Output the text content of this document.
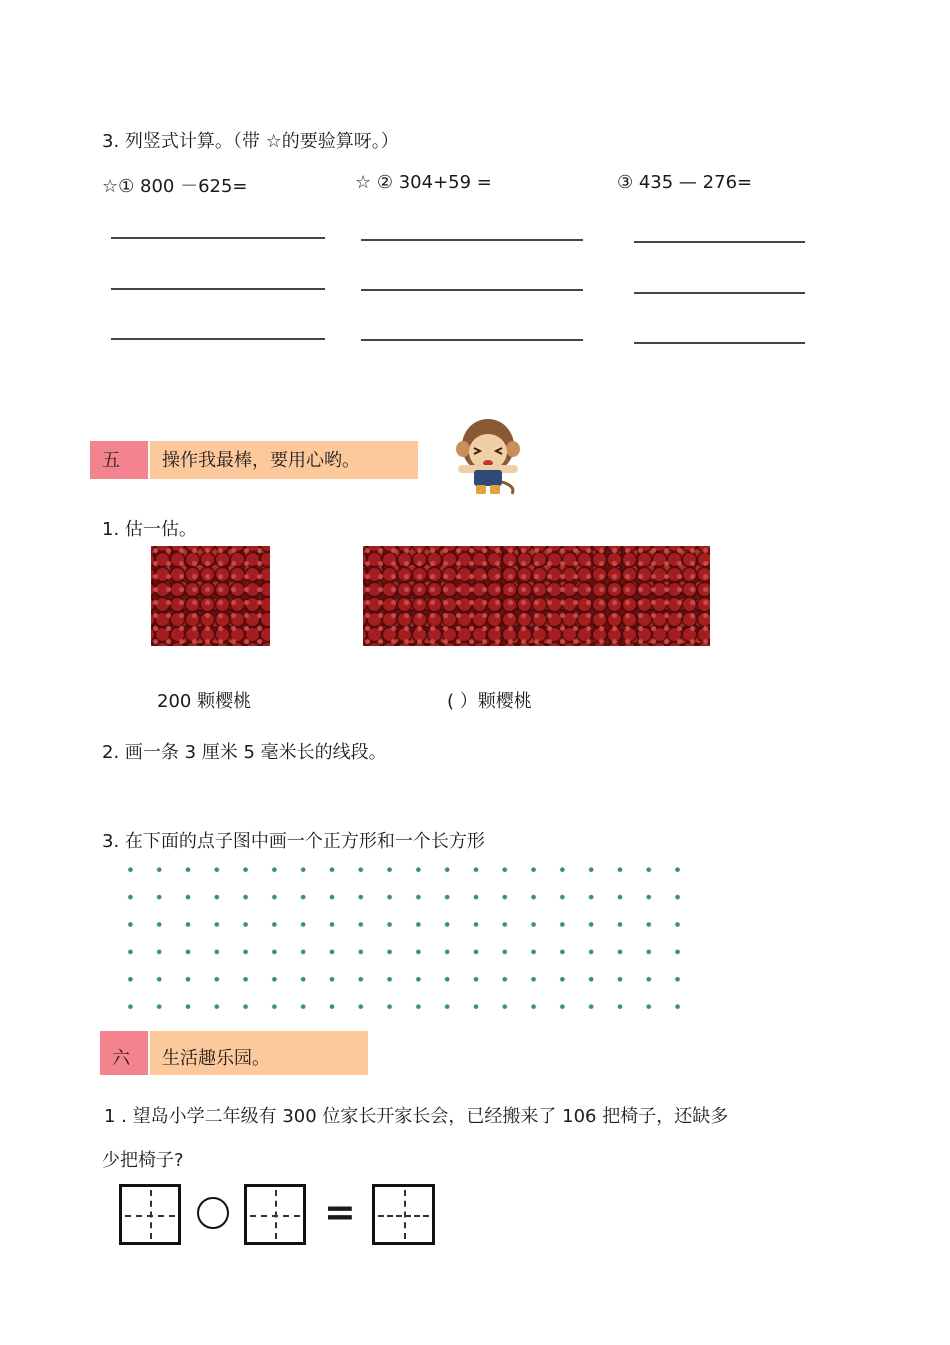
3. 列竖式计算。（带 ☆的要验算呀。）
☆① 800 －625=	☆ ② 304+59 =	③ 435 — 276=
五	操作我最棒，要用心哟。
1. 估一估。
200 颗樱桃	( ）颗樱桃
2. 画一条 3 厘米 5 毫米长的线段。
3. 在下面的点子图中画一个正方形和一个长方形
六	生活趣乐园。
1 . 望岛小学二年级有 300 位家长开家长会，已经搬来了 106 把椅子，还缺多
少把椅子?
=
